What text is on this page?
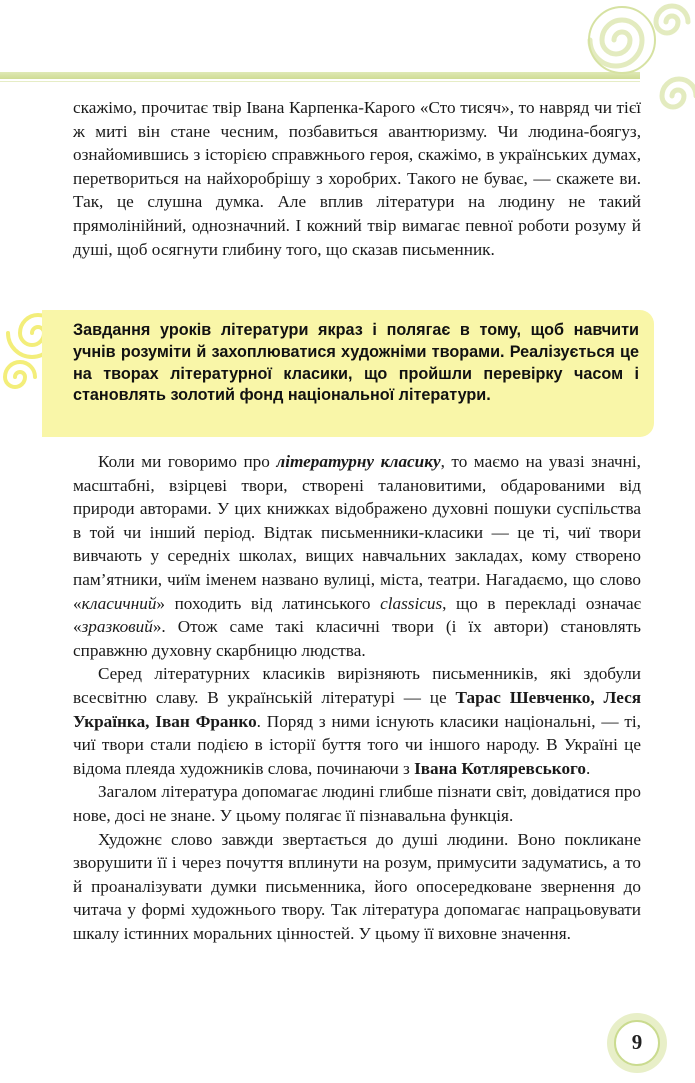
скажімо, прочитає твір Івана Карпенка-Карого «Сто тисяч», то навряд чи тієї ж миті він стане чесним, позбавиться авантюризму. Чи людина-боягуз, ознайомившись з історією справжнього героя, скажімо, в українських думах, перетвориться на найхоробрішу з хоробрих. Такого не буває, — скажете ви. Так, це слушна думка. Але вплив літератури на людину не такий прямолінійний, однозначний. І кожний твір вимагає певної роботи розуму й душі, щоб осягнути глибину того, що сказав письменник.

Завдання уроків літератури якраз і полягає в тому, щоб навчити учнів розуміти й захоплюватися художніми творами. Реалізується це на творах літературної класики, що пройшли перевірку часом і становлять золотий фонд національної літератури.

Коли ми говоримо про літературну класику, то маємо на увазі значні, масштабні, взірцеві твори, створені талановитими, обдарованими від природи авторами. У цих книжках відображено духовні пошуки суспільства в той чи інший період. Відтак письменники-класики — це ті, чиї твори вивчають у середніх школах, вищих навчальних закладах, кому створено пам’ятники, чиїм іменем названо вулиці, міста, театри. Нагадаємо, що слово «класичний» походить від латинського classicus, що в перекладі означає «зразковий». Отож саме такі класичні твори (і їх автори) становлять справжню духовну скарбницю людства.

Серед літературних класиків вирізняють письменників, які здобули всесвітню славу. В українській літературі — це Тарас Шевченко, Леся Українка, Іван Франко. Поряд з ними існують класики національні, — ті, чиї твори стали подією в історії буття того чи іншого народу. В Україні це відома плеяда художників слова, починаючи з Івана Котляревського.

Загалом література допомагає людині глибше пізнати світ, довідатися про нове, досі не знане. У цьому полягає її пізнавальна функція.

Художнє слово завжди звертається до душі людини. Воно покликане зворушити її і через почуття вплинути на розум, примусити задуматись, а то й проаналізувати думки письменника, його опосередковане звернення до читача у формі художнього твору. Так література допомагає напрацьовувати шкалу істинних моральних цінностей. У цьому її виховне значення.

9
